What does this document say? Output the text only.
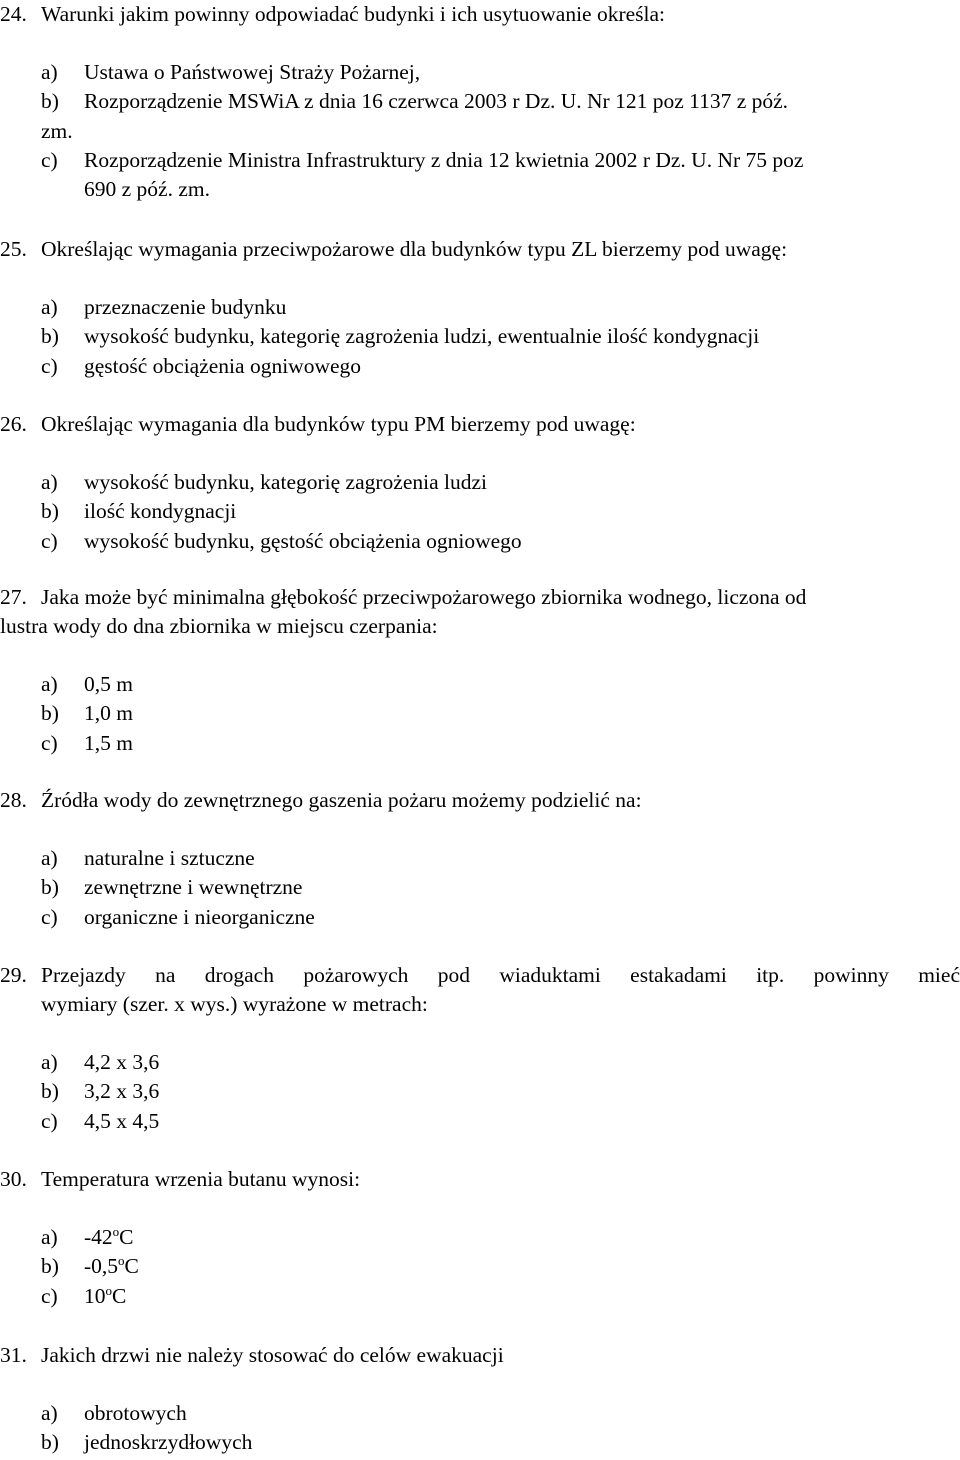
24. Warunki jakim powinny odpowiadać budynki i ich usytuowanie określa:
a) Ustawa o Państwowej Straży Pożarnej,
b) Rozporządzenie MSWiA z dnia 16 czerwca 2003 r Dz. U. Nr 121 poz 1137 z póź.
zm.
c) Rozporządzenie Ministra Infrastruktury z dnia 12 kwietnia 2002 r Dz. U. Nr 75 poz
690 z póź. zm.
25. Określając wymagania przeciwpożarowe dla budynków typu ZL bierzemy pod uwagę:
a) przeznaczenie budynku
b) wysokość budynku, kategorię zagrożenia ludzi, ewentualnie ilość kondygnacji
c) gęstość obciążenia ogniwowego
26. Określając wymagania dla budynków typu PM bierzemy pod uwagę:
a) wysokość budynku, kategorię zagrożenia ludzi
b) ilość kondygnacji
c) wysokość budynku, gęstość obciążenia ogniowego
27. Jaka może być minimalna głębokość przeciwpożarowego zbiornika wodnego, liczona od
lustra wody do dna zbiornika w miejscu czerpania:
a) 0,5 m
b) 1,0 m
c) 1,5 m
28. Źródła wody do zewnętrznego gaszenia pożaru możemy podzielić na:
a) naturalne i sztuczne
b) zewnętrzne i wewnętrzne
c) organiczne i nieorganiczne
29. Przejazdy na drogach pożarowych pod wiaduktami estakadami itp. powinny mieć
wymiary (szer. x wys.) wyrażone w metrach:
a) 4,2 x 3,6
b) 3,2 x 3,6
c) 4,5 x 4,5
30. Temperatura wrzenia butanu wynosi:
a) -42$^o$C
b) -0,5$^o$C
c) 10$^o$C
31. Jakich drzwi nie należy stosować do celów ewakuacji
a) obrotowych
b) jednoskrzydłowych
